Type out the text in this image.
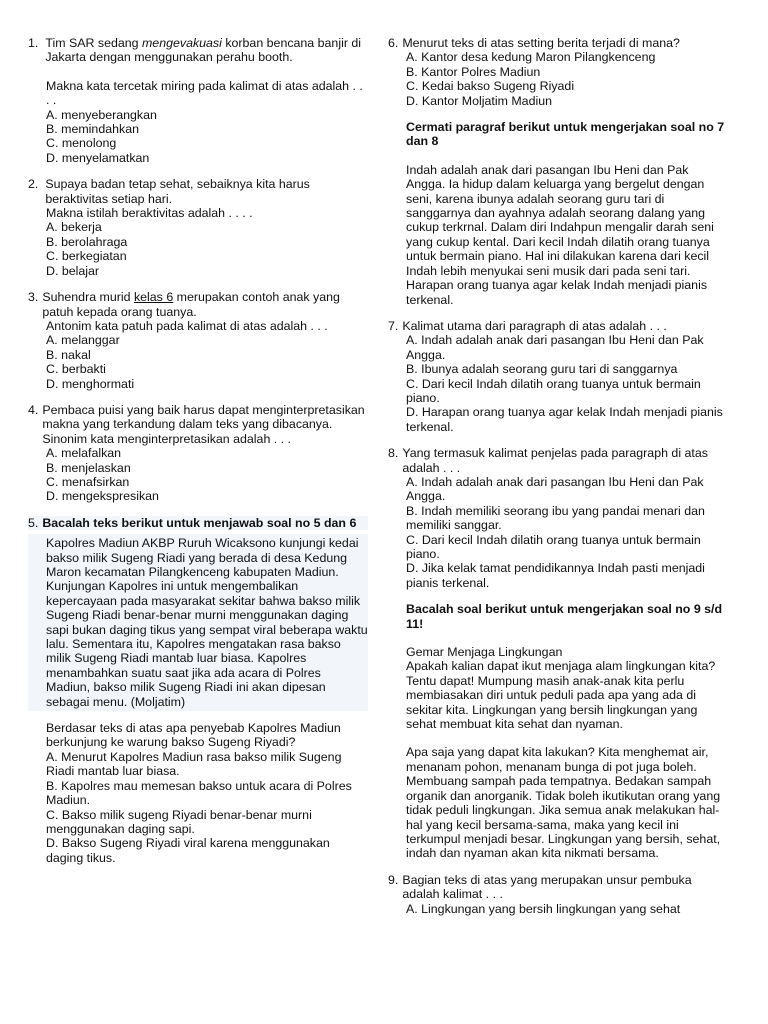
1. Tim SAR sedang mengevakuasi korban bencana banjir di Jakarta dengan menggunakan perahu booth.

Makna kata tercetak miring pada kalimat di atas adalah . . . .

A. menyeberangkan

B. memindahkan

C. menolong

D. menyelamatkan

2. Supaya badan tetap sehat, sebaiknya kita harus beraktivitas setiap hari.

Makna istilah beraktivitas adalah . . . .

A. bekerja

B. berolahraga

C. berkegiatan

D. belajar

3. Suhendra murid kelas 6 merupakan contoh anak yang patuh kepada orang tuanya.

Antonim kata patuh pada kalimat di atas adalah . . .

A. melanggar

B. nakal

C. berbakti

D. menghormati

4. Pembaca puisi yang baik harus dapat menginterpretasikan makna yang terkandung dalam teks yang dibacanya. Sinonim kata menginterpretasikan adalah . . .

A. melafalkan

B. menjelaskan

C. menafsirkan

D. mengekspresikan

5. Bacalah teks berikut untuk menjawab soal no 5 dan 6

Kapolres Madiun AKBP Ruruh Wicaksono kunjungi kedai bakso milik Sugeng Riadi yang berada di desa Kedung Maron kecamatan Pilangkenceng kabupaten Madiun. Kunjungan Kapolres ini untuk mengembalikan kepercayaan pada masyarakat sekitar bahwa bakso milik Sugeng Riadi benar-benar murni menggunakan daging sapi bukan daging tikus yang sempat viral beberapa waktu lalu. Sementara itu, Kapolres mengatakan rasa bakso milik Sugeng Riadi mantab luar biasa. Kapolres menambahkan suatu saat jika ada acara di Polres Madiun, bakso milik Sugeng Riadi ini akan dipesan sebagai menu. (Moljatim)

Berdasar teks di atas apa penyebab Kapolres Madiun berkunjung ke warung bakso Sugeng Riyadi?

A. Menurut Kapolres Madiun rasa bakso milik Sugeng Riadi mantab luar biasa.

B. Kapolres mau memesan bakso untuk acara di Polres Madiun.

C. Bakso milik sugeng Riyadi benar-benar murni menggunakan daging sapi.

D. Bakso Sugeng Riyadi viral karena menggunakan daging tikus.

6. Menurut teks di atas setting berita terjadi di mana?

A. Kantor desa kedung Maron Pilangkenceng

B. Kantor Polres Madiun

C. Kedai bakso Sugeng Riyadi

D. Kantor Moljatim Madiun

Cermati paragraf berikut untuk mengerjakan soal no 7 dan 8

Indah adalah anak dari pasangan Ibu Heni dan Pak Angga. Ia hidup dalam keluarga yang bergelut dengan seni, karena ibunya adalah seorang guru tari di sanggarnya dan ayahnya adalah seorang dalang yang cukup terkrnal. Dalam diri Indahpun mengalir darah seni yang cukup kental. Dari kecil Indah dilatih orang tuanya untuk bermain piano. Hal ini dilakukan karena dari kecil Indah lebih menyukai seni musik dari pada seni tari. Harapan orang tuanya agar kelak Indah menjadi pianis terkenal.

7. Kalimat utama dari paragraph di atas adalah . . .

A. Indah adalah anak dari pasangan Ibu Heni dan Pak Angga.

B. Ibunya adalah seorang guru tari di sanggarnya

C. Dari kecil Indah dilatih orang tuanya untuk bermain piano.

D. Harapan orang tuanya agar kelak Indah menjadi pianis terkenal.

8. Yang termasuk kalimat penjelas pada paragraph di atas adalah . . .

A. Indah adalah anak dari pasangan Ibu Heni dan Pak Angga.

B. Indah memiliki seorang ibu yang pandai menari dan memiliki sanggar.

C. Dari kecil Indah dilatih orang tuanya untuk bermain piano.

D. Jika kelak tamat pendidikannya Indah pasti menjadi pianis terkenal.

Bacalah soal berikut untuk mengerjakan soal no 9 s/d 11!

Gemar Menjaga Lingkungan

Apakah kalian dapat ikut menjaga alam lingkungan kita? Tentu dapat! Mumpung masih anak-anak kita perlu membiasakan diri untuk peduli pada apa yang ada di sekitar kita. Lingkungan yang bersih lingkungan yang sehat membuat kita sehat dan nyaman.

Apa saja yang dapat kita lakukan? Kita menghemat air, menanam pohon, menanam bunga di pot juga boleh. Membuang sampah pada tempatnya. Bedakan sampah organik dan anorganik. Tidak boleh ikutikutan orang yang tidak peduli lingkungan. Jika semua anak melakukan hal-hal yang kecil bersama-sama, maka yang kecil ini terkumpul menjadi besar. Lingkungan yang bersih, sehat, indah dan nyaman akan kita nikmati bersama.

9. Bagian teks di atas yang merupakan unsur pembuka adalah kalimat . . .

A. Lingkungan yang bersih lingkungan yang sehat
